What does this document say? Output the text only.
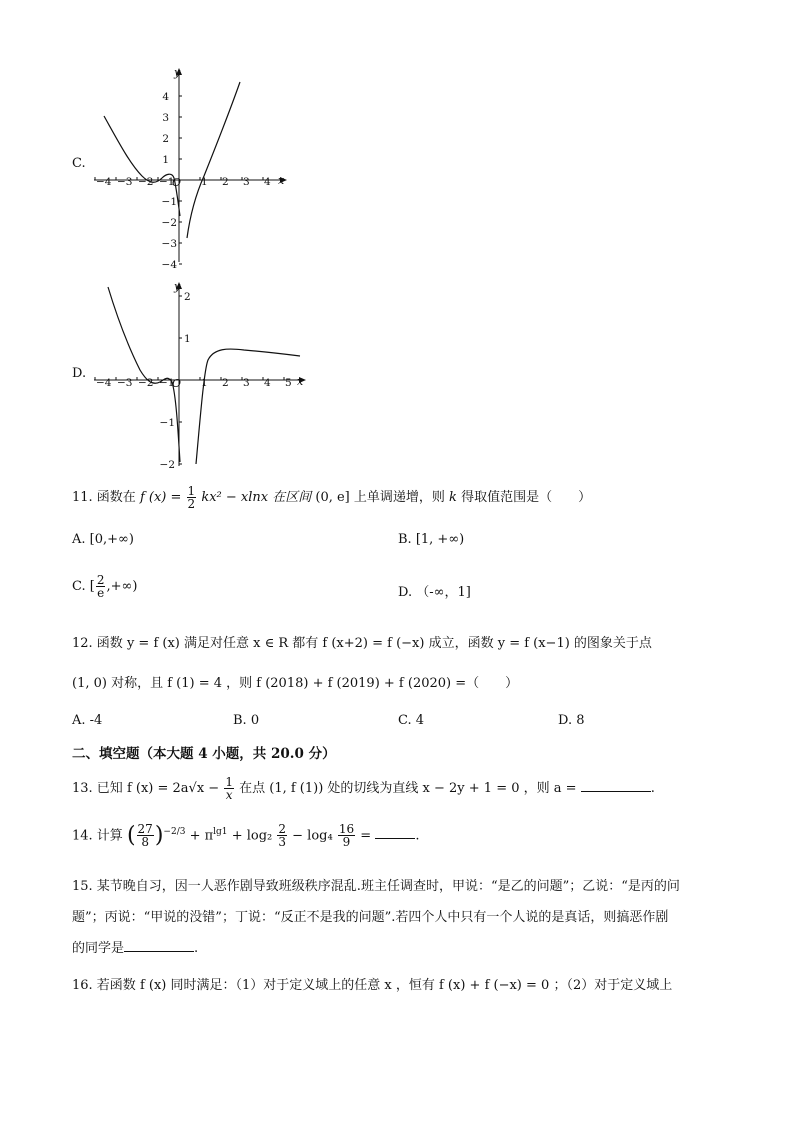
C.
x
y
O
−4 −3 −2 −1	1 2 3 4
4
3
2
1
−1
−2
−3
−4
D.
x
y
O
−4 −3 −2 −1	1 2 3 4 5
2
1
−1
−2
11. 函数在 f $(x) = \frac{1}{2} kx^2 - xlnx$ 在区间 (0, e] 上单调递增，则 k 得取值范围是（　　）
A. [0,+∞)	B. [1, +∞)
C. [ $\frac{2}{e}$ ,+∞)	D. （-∞，1]
12. 函数 y = f (x) 满足对任意 x ∈ R 都有 f (x+2) = f (−x) 成立，函数 y = f (x−1) 的图象关于点
(1, 0) 对称，且 f (1) = 4 ，则 f (2018) + f (2019) + f (2020) =（　　）
A. -4	B. 0	C. 4	D. 8
二、填空题（本大题 4 小题，共 20.0 分）
13. 已知 f $(x) = 2a√x - \frac{1}{x}$ 在点 (1, f (1)) 处的切线为直线 x − 2y + 1 = 0 ，则 a =	.
14. 计算 ( $\frac{27}{8} )^{-2/3} + \pi^{lg1} + \log_2 \frac{2}{3} - \log_4 \frac{16}{9}$ =	.
15. 某节晚自习，因一人恶作剧导致班级秩序混乱.班主任调查时，甲说：“是乙的问题”；乙说：“是丙的问
题”；丙说：“甲说的没错”；丁说：“反正不是我的问题”.若四个人中只有一个人说的是真话，则搞恶作剧
的同学是	.
16. 若函数 f (x) 同时满足：（1）对于定义域上的任意 x ，恒有 f (x) + f (−x) = 0 ；（2）对于定义域上
